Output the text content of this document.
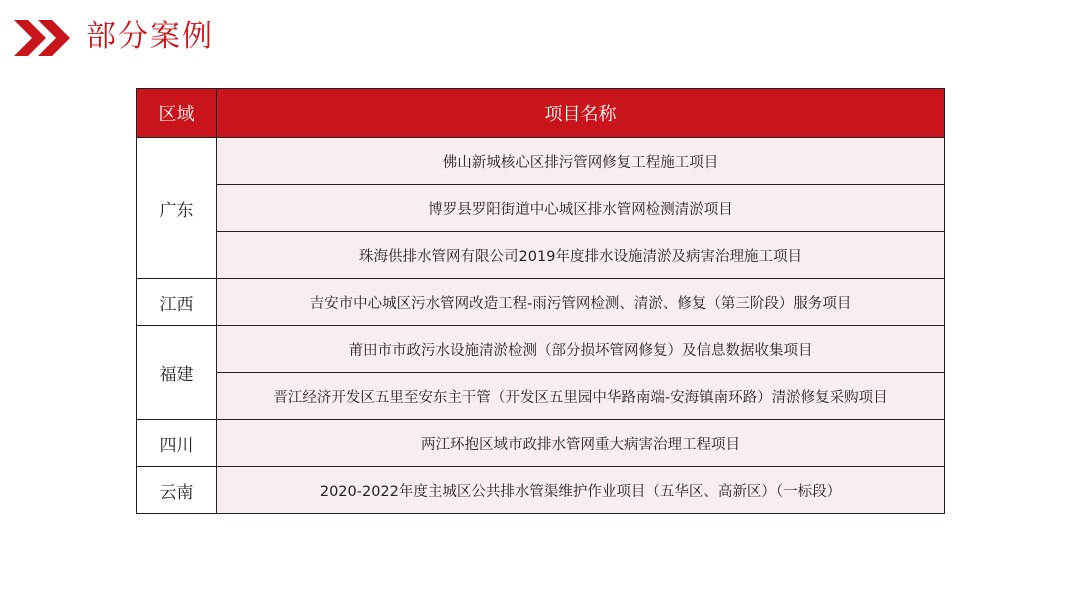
部分案例
区域	项目名称
广东	佛山新城核心区排污管网修复工程施工项目
	博罗县罗阳街道中心城区排水管网检测清淤项目
	珠海供排水管网有限公司2019年度排水设施清淤及病害治理施工项目
江西	吉安市中心城区污水管网改造工程-雨污管网检测、清淤、修复（第三阶段）服务项目
福建	莆田市市政污水设施清淤检测（部分损坏管网修复）及信息数据收集项目
	晋江经济开发区五里至安东主干管（开发区五里园中华路南端-安海镇南环路）清淤修复采购项目
四川	两江环抱区域市政排水管网重大病害治理工程项目
云南	2020-2022年度主城区公共排水管渠维护作业项目（五华区、高新区）（一标段）
